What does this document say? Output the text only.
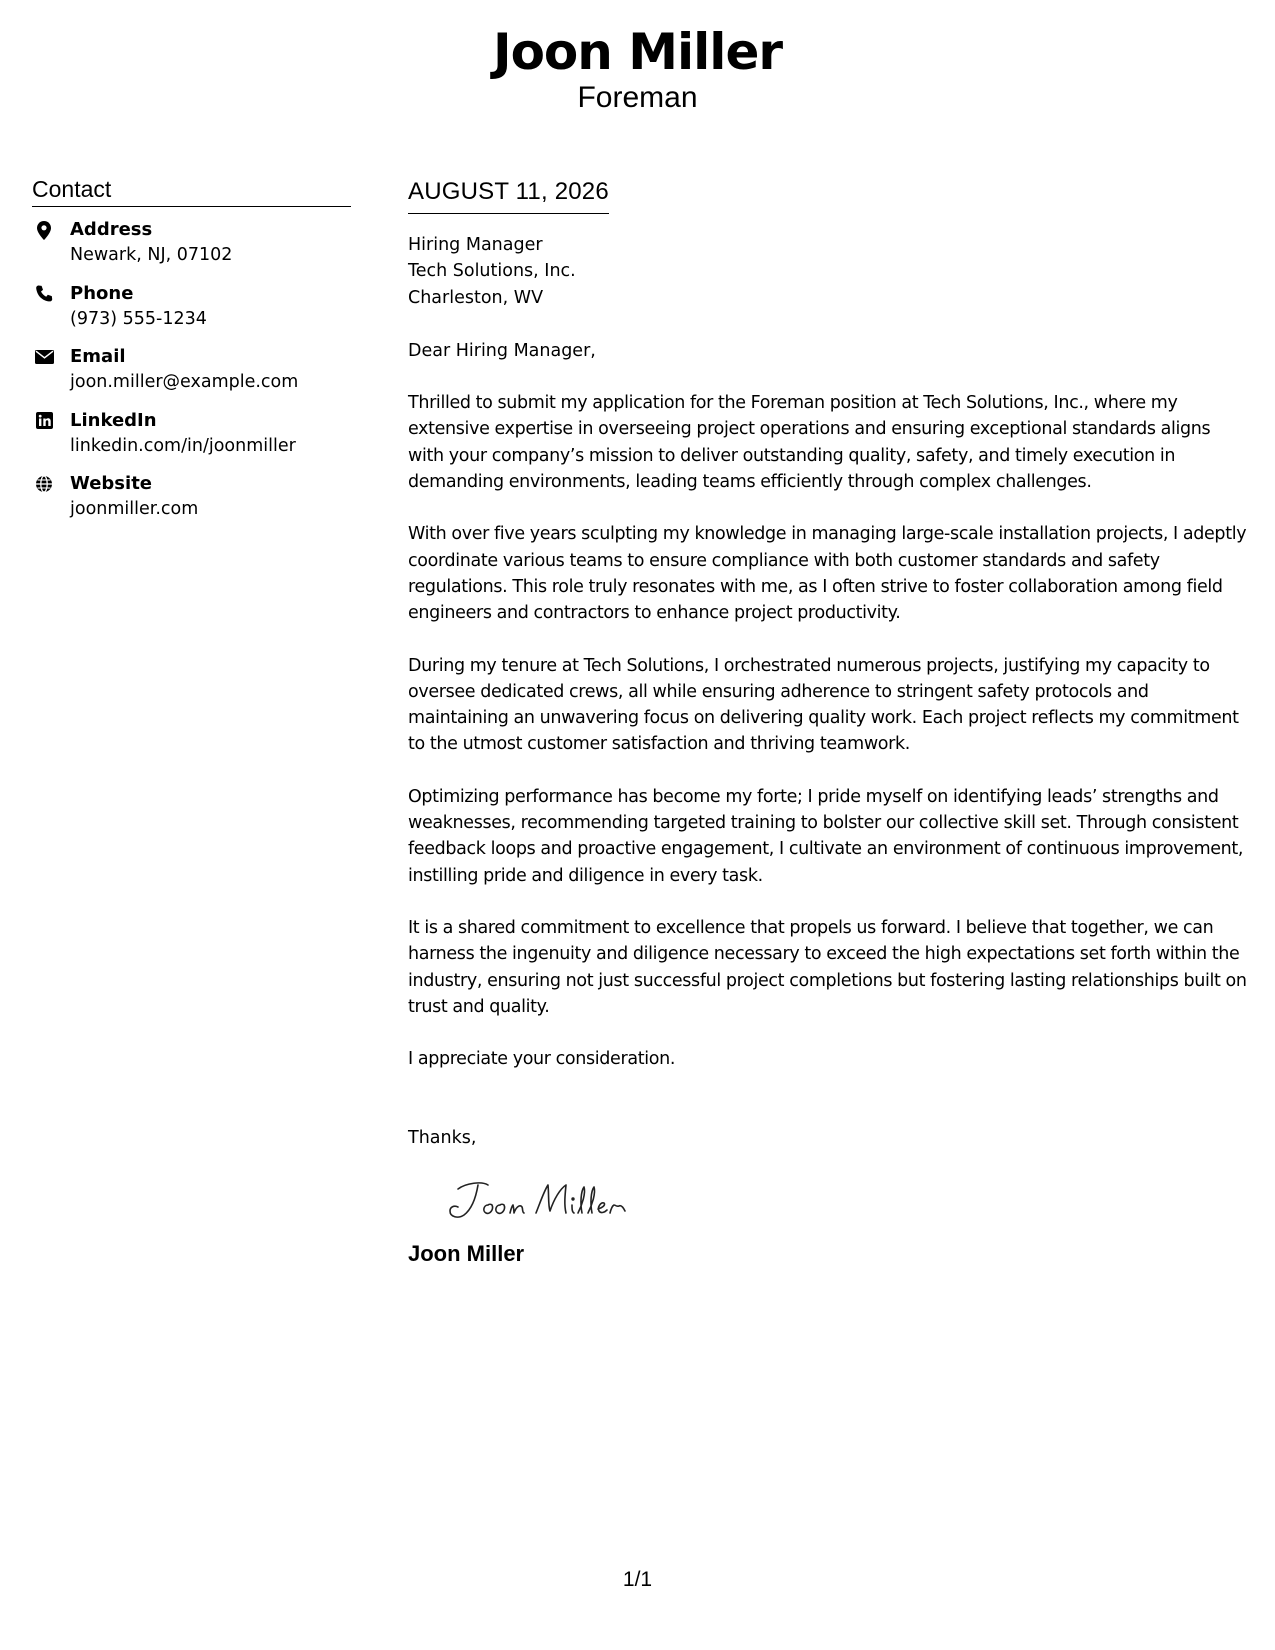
Joon Miller
Foreman
Contact
Address
Newark, NJ, 07102
Phone
(973) 555-1234
Email
joon.miller@example.com
LinkedIn
linkedin.com/in/joonmiller
Website
joonmiller.com
AUGUST 11, 2026
Hiring Manager
Tech Solutions, Inc.
Charleston, WV
Dear Hiring Manager,

Thrilled to submit my application for the Foreman position at Tech Solutions, Inc., where my extensive expertise in overseeing project operations and ensuring exceptional standards aligns with your company’s mission to deliver outstanding quality, safety, and timely execution in demanding environments, leading teams efficiently through complex challenges.

With over five years sculpting my knowledge in managing large-scale installation projects, I adeptly coordinate various teams to ensure compliance with both customer standards and safety regulations. This role truly resonates with me, as I often strive to foster collaboration among field engineers and contractors to enhance project productivity.

During my tenure at Tech Solutions, I orchestrated numerous projects, justifying my capacity to oversee dedicated crews, all while ensuring adherence to stringent safety protocols and maintaining an unwavering focus on delivering quality work. Each project reflects my commitment to the utmost customer satisfaction and thriving teamwork.

Optimizing performance has become my forte; I pride myself on identifying leads’ strengths and weaknesses, recommending targeted training to bolster our collective skill set. Through consistent feedback loops and proactive engagement, I cultivate an environment of continuous improvement, instilling pride and diligence in every task.

It is a shared commitment to excellence that propels us forward. I believe that together, we can harness the ingenuity and diligence necessary to exceed the high expectations set forth within the industry, ensuring not just successful project completions but fostering lasting relationships built on trust and quality.

I appreciate your consideration.

Thanks,
Joon Miller
1/1
